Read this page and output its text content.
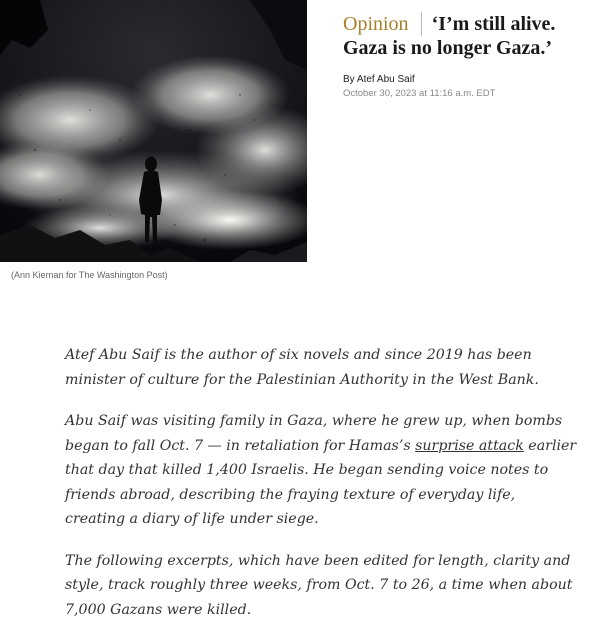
(Ann Kiernan for The Washington Post)
Opinion	‘I’m still alive.
Gaza is no longer Gaza.’
By Atef Abu Saif
October 30, 2023 at 11:16 a.m. EDT

Atef Abu Saif is the author of six novels and since 2019 has been
minister of culture for the Palestinian Authority in the West Bank.

Abu Saif was visiting family in Gaza, where he grew up, when bombs
began to fall Oct. 7 — in retaliation for Hamas’s surprise attack earlier
that day that killed 1,400 Israelis. He began sending voice notes to
friends abroad, describing the fraying texture of everyday life,
creating a diary of life under siege.

The following excerpts, which have been edited for length, clarity and
style, track roughly three weeks, from Oct. 7 to 26, a time when about
7,000 Gazans were killed.
